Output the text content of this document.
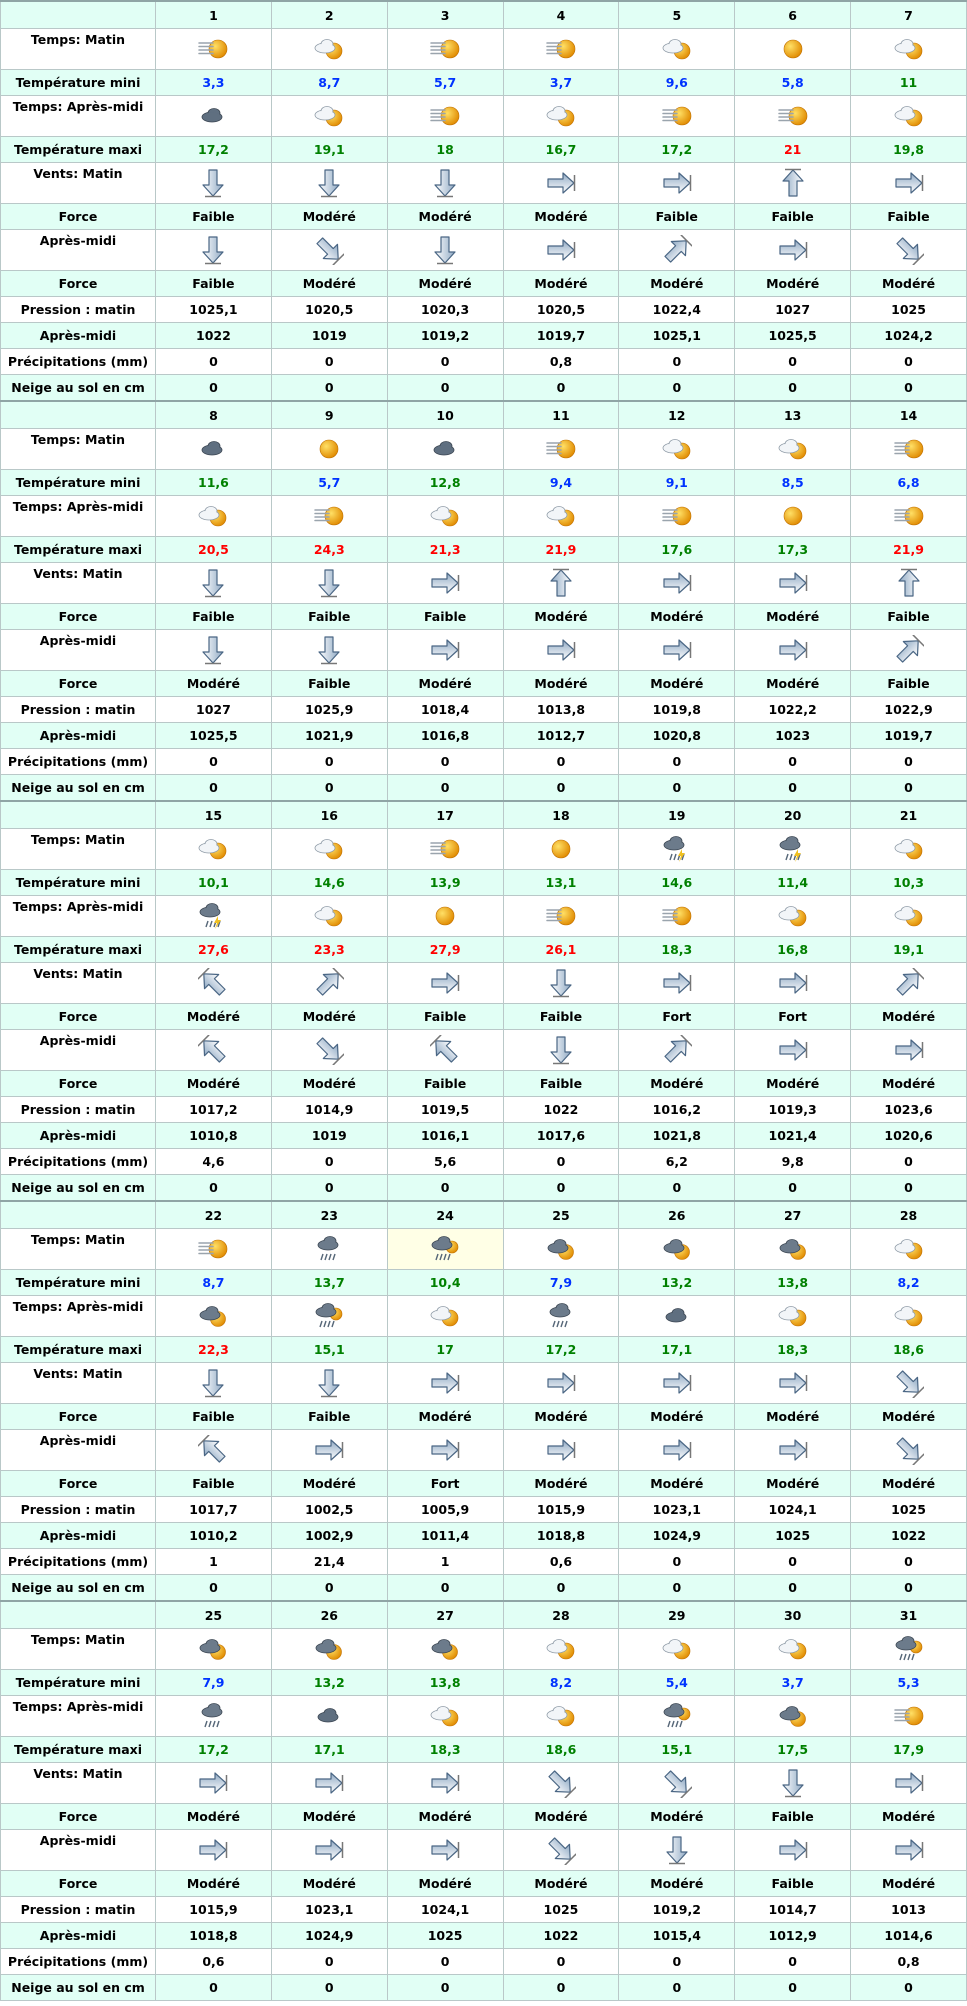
	1	2	3	4	5	6	7
Temps: Matin							
Température mini	3,3	8,7	5,7	3,7	9,6	5,8	11
Temps: Après-midi							
Température maxi	17,2	19,1	18	16,7	17,2	21	19,8
Vents: Matin							
Force	Faible	Modéré	Modéré	Modéré	Faible	Faible	Faible
Après-midi							
Force	Faible	Modéré	Modéré	Modéré	Modéré	Modéré	Modéré
Pression : matin	1025,1	1020,5	1020,3	1020,5	1022,4	1027	1025
Après-midi	1022	1019	1019,2	1019,7	1025,1	1025,5	1024,2
Précipitations (mm)	0	0	0	0,8	0	0	0
Neige au sol en cm	0	0	0	0	0	0	0
	8	9	10	11	12	13	14
Temps: Matin							
Température mini	11,6	5,7	12,8	9,4	9,1	8,5	6,8
Temps: Après-midi							
Température maxi	20,5	24,3	21,3	21,9	17,6	17,3	21,9
Vents: Matin							
Force	Faible	Faible	Faible	Modéré	Modéré	Modéré	Faible
Après-midi							
Force	Modéré	Faible	Modéré	Modéré	Modéré	Modéré	Faible
Pression : matin	1027	1025,9	1018,4	1013,8	1019,8	1022,2	1022,9
Après-midi	1025,5	1021,9	1016,8	1012,7	1020,8	1023	1019,7
Précipitations (mm)	0	0	0	0	0	0	0
Neige au sol en cm	0	0	0	0	0	0	0
	15	16	17	18	19	20	21
Temps: Matin							
Température mini	10,1	14,6	13,9	13,1	14,6	11,4	10,3
Temps: Après-midi							
Température maxi	27,6	23,3	27,9	26,1	18,3	16,8	19,1
Vents: Matin							
Force	Modéré	Modéré	Faible	Faible	Fort	Fort	Modéré
Après-midi							
Force	Modéré	Modéré	Faible	Faible	Modéré	Modéré	Modéré
Pression : matin	1017,2	1014,9	1019,5	1022	1016,2	1019,3	1023,6
Après-midi	1010,8	1019	1016,1	1017,6	1021,8	1021,4	1020,6
Précipitations (mm)	4,6	0	5,6	0	6,2	9,8	0
Neige au sol en cm	0	0	0	0	0	0	0
	22	23	24	25	26	27	28
Temps: Matin							
Température mini	8,7	13,7	10,4	7,9	13,2	13,8	8,2
Temps: Après-midi							
Température maxi	22,3	15,1	17	17,2	17,1	18,3	18,6
Vents: Matin							
Force	Faible	Faible	Modéré	Modéré	Modéré	Modéré	Modéré
Après-midi							
Force	Faible	Modéré	Fort	Modéré	Modéré	Modéré	Modéré
Pression : matin	1017,7	1002,5	1005,9	1015,9	1023,1	1024,1	1025
Après-midi	1010,2	1002,9	1011,4	1018,8	1024,9	1025	1022
Précipitations (mm)	1	21,4	1	0,6	0	0	0
Neige au sol en cm	0	0	0	0	0	0	0
	25	26	27	28	29	30	31
Temps: Matin							
Température mini	7,9	13,2	13,8	8,2	5,4	3,7	5,3
Temps: Après-midi							
Température maxi	17,2	17,1	18,3	18,6	15,1	17,5	17,9
Vents: Matin							
Force	Modéré	Modéré	Modéré	Modéré	Modéré	Faible	Modéré
Après-midi							
Force	Modéré	Modéré	Modéré	Modéré	Modéré	Faible	Modéré
Pression : matin	1015,9	1023,1	1024,1	1025	1019,2	1014,7	1013
Après-midi	1018,8	1024,9	1025	1022	1015,4	1012,9	1014,6
Précipitations (mm)	0,6	0	0	0	0	0	0,8
Neige au sol en cm	0	0	0	0	0	0	0
